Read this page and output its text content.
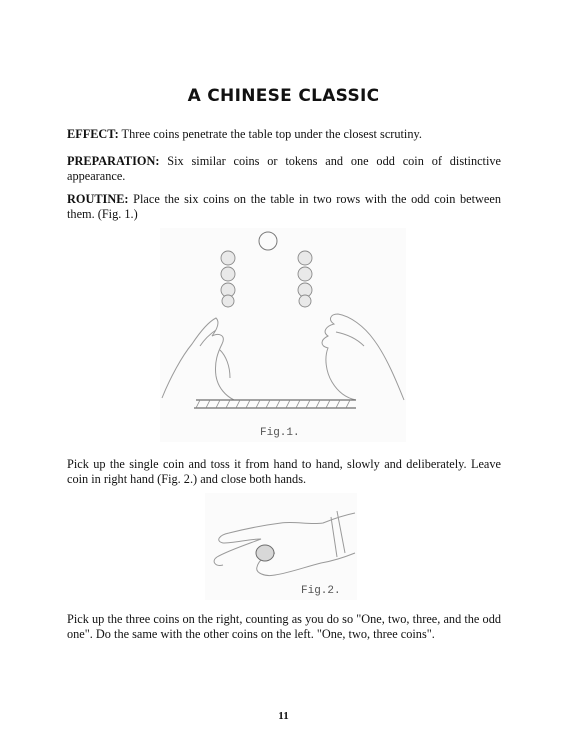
A CHINESE CLASSIC

EFFECT: Three coins penetrate the table top under the closest scrutiny.

PREPARATION: Six similar coins or tokens and one odd coin of distinctive appearance.

ROUTINE: Place the six coins on the table in two rows with the odd coin between them. (Fig. 1.)

Fig.1.

Pick up the single coin and toss it from hand to hand, slowly and deliberately. Leave coin in right hand (Fig. 2.) and close both hands.

Fig.2.

Pick up the three coins on the right, counting as you do so "One, two, three, and the odd one". Do the same with the other coins on the left. "One, two, three coins".

11
